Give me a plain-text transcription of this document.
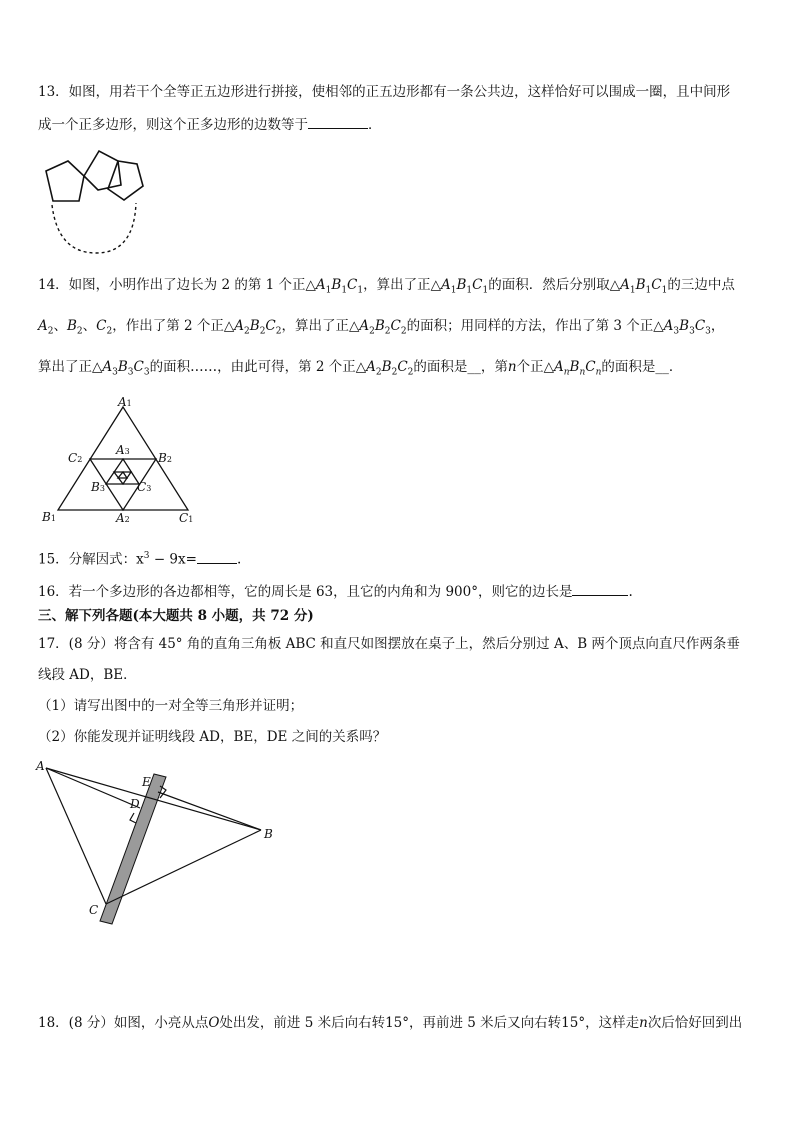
13．如图，用若干个全等正五边形进行拼接，使相邻的正五边形都有一条公共边，这样恰好可以围成一圈，且中间形
成一个正多边形，则这个正多边形的边数等于	．
14．如图，小明作出了边长为 2 的第 1 个正$\triangle A_1B_1C_1$，算出了正$\triangle A_1B_1C_1$的面积．然后分别取$\triangle A_1B_1C_1$的三边中点
$A_2$、$B_2$、$C_2$，作出了第 2 个正$\triangle A_2B_2C_2$，算出了正$\triangle A_2B_2C_2$的面积；用同样的方法，作出了第 3 个正$\triangle A_3B_3C_3$，
算出了正$\triangle A_3B_3C_3$的面积……，由此可得，第 2 个正$\triangle A_2B_2C_2$的面积是__，第n个正$\triangle A_nB_nC_n$的面积是__．
A1
C2	B2
A3
B3	C3
B1	A2	C1
15．分解因式：$x^3 - 9x=$	.
16．若一个多边形的各边都相等，它的周长是 63，且它的内角和为 900°，则它的边长是	.
三、解下列各题(本大题共 8 小题，共 72 分)
17．(8 分）将含有 45° 角的直角三角板 ABC 和直尺如图摆放在桌子上，然后分别过 A、B 两个顶点向直尺作两条垂
线段 AD，BE．
（1）请写出图中的一对全等三角形并证明；
（2）你能发现并证明线段 AD，BE，DE 之间的关系吗？
A
E
D
B
C
18．(8 分）如图，小亮从点O处出发，前进 5 米后向右转15°，再前进 5 米后又向右转15°，这样走n次后恰好回到出
